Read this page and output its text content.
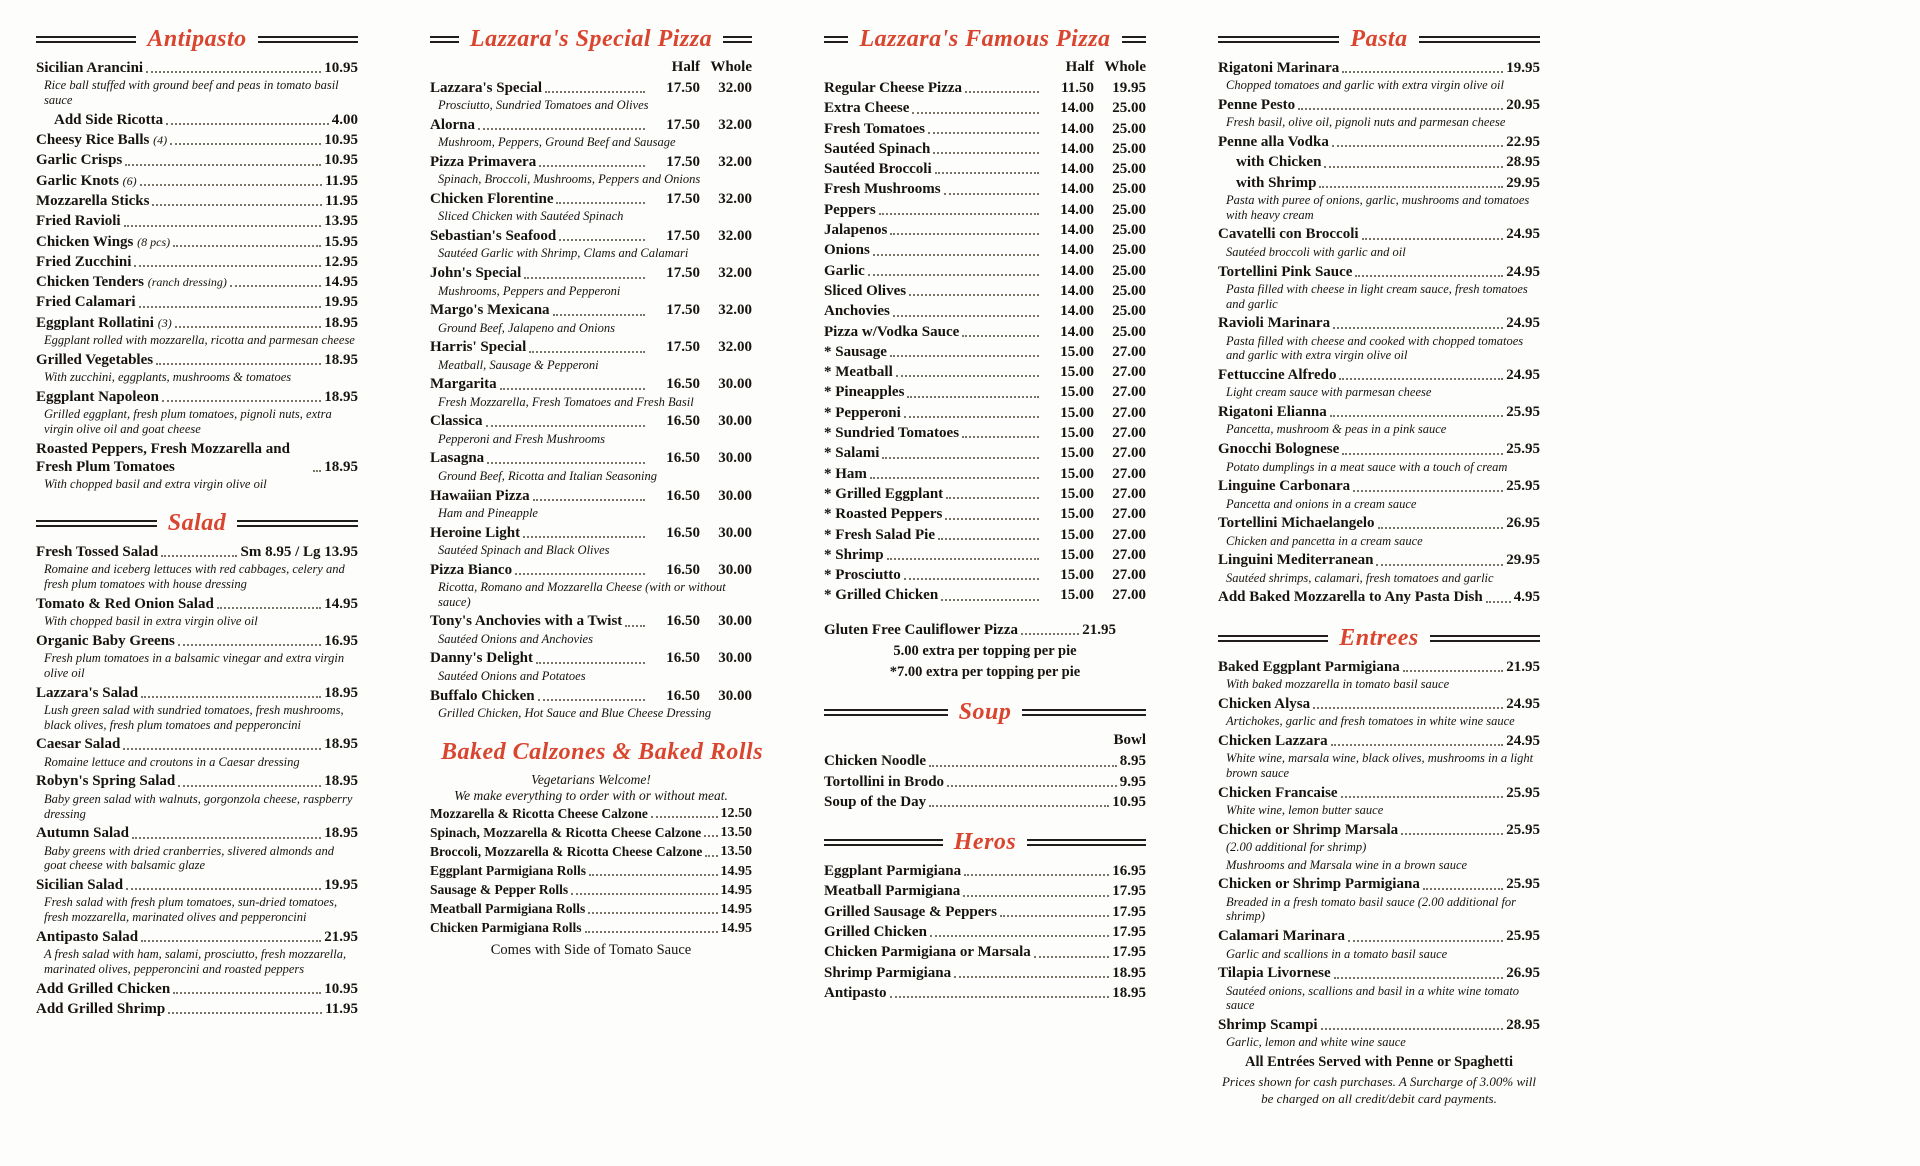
Antipasto
Sicilian Arancini	10.95
Rice ball stuffed with ground beef and peas in tomato basil sauce
Add Side Ricotta	4.00
Cheesy Rice Balls (4)	10.95
Garlic Crisps	10.95
Garlic Knots (6)	11.95
Mozzarella Sticks	11.95
Fried Ravioli	13.95
Chicken Wings (8 pcs)	15.95
Fried Zucchini	12.95
Chicken Tenders (ranch dressing)	14.95
Fried Calamari	19.95
Eggplant Rollatini (3)	18.95
Eggplant rolled with mozzarella, ricotta and parmesan cheese
Grilled Vegetables	18.95
With zucchini, eggplants, mushrooms & tomatoes
Eggplant Napoleon	18.95
Grilled eggplant, fresh plum tomatoes, pignoli nuts, extra virgin olive oil and goat cheese
Roasted Peppers, Fresh Mozzarella and Fresh Plum Tomatoes	18.95
With chopped basil and extra virgin olive oil
Salad
Fresh Tossed Salad	Sm 8.95 / Lg 13.95
Romaine and iceberg lettuces with red cabbages, celery and fresh plum tomatoes with house dressing
Tomato & Red Onion Salad	14.95
With chopped basil in extra virgin olive oil
Organic Baby Greens	16.95
Fresh plum tomatoes in a balsamic vinegar and extra virgin olive oil
Lazzara's Salad	18.95
Lush green salad with sundried tomatoes, fresh mushrooms, black olives, fresh plum tomatoes and pepperoncini
Caesar Salad	18.95
Romaine lettuce and croutons in a Caesar dressing
Robyn's Spring Salad	18.95
Baby green salad with walnuts, gorgonzola cheese, raspberry dressing
Autumn Salad	18.95
Baby greens with dried cranberries, slivered almonds and goat cheese with balsamic glaze
Sicilian Salad	19.95
Fresh salad with fresh plum tomatoes, sun-dried tomatoes, fresh mozzarella, marinated olives and pepperoncini
Antipasto Salad	21.95
A fresh salad with ham, salami, prosciutto, fresh mozzarella, marinated olives, pepperoncini and roasted peppers
Add Grilled Chicken	10.95
Add Grilled Shrimp	11.95
Lazzara's Special Pizza
Half Whole
Lazzara's Special	17.50	32.00
Prosciutto, Sundried Tomatoes and Olives
Alorna	17.50	32.00
Mushroom, Peppers, Ground Beef and Sausage
Pizza Primavera	17.50	32.00
Spinach, Broccoli, Mushrooms, Peppers and Onions
Chicken Florentine	17.50	32.00
Sliced Chicken with Sautéed Spinach
Sebastian's Seafood	17.50	32.00
Sautéed Garlic with Shrimp, Clams and Calamari
John's Special	17.50	32.00
Mushrooms, Peppers and Pepperoni
Margo's Mexicana	17.50	32.00
Ground Beef, Jalapeno and Onions
Harris' Special	17.50	32.00
Meatball, Sausage & Pepperoni
Margarita	16.50	30.00
Fresh Mozzarella, Fresh Tomatoes and Fresh Basil
Classica	16.50	30.00
Pepperoni and Fresh Mushrooms
Lasagna	16.50	30.00
Ground Beef, Ricotta and Italian Seasoning
Hawaiian Pizza	16.50	30.00
Ham and Pineapple
Heroine Light	16.50	30.00
Sautéed Spinach and Black Olives
Pizza Bianco	16.50	30.00
Ricotta, Romano and Mozzarella Cheese (with or without sauce)
Tony's Anchovies with a Twist	16.50	30.00
Sautéed Onions and Anchovies
Danny's Delight	16.50	30.00
Sautéed Onions and Potatoes
Buffalo Chicken	16.50	30.00
Grilled Chicken, Hot Sauce and Blue Cheese Dressing
Baked Calzones & Baked Rolls
Vegetarians Welcome!
We make everything to order with or without meat.
Mozzarella & Ricotta Cheese Calzone	12.50
Spinach, Mozzarella & Ricotta Cheese Calzone 13.50
Broccoli, Mozzarella & Ricotta Cheese Calzone 13.50
Eggplant Parmigiana Rolls	14.95
Sausage & Pepper Rolls	14.95
Meatball Parmigiana Rolls	14.95
Chicken Parmigiana Rolls	14.95
Comes with Side of Tomato Sauce
Lazzara's Famous Pizza
Half Whole
Regular Cheese Pizza	11.50	19.95
Extra Cheese	14.00	25.00
Fresh Tomatoes	14.00	25.00
Sautéed Spinach	14.00	25.00
Sautéed Broccoli	14.00	25.00
Fresh Mushrooms	14.00	25.00
Peppers	14.00	25.00
Jalapenos	14.00	25.00
Onions	14.00	25.00
Garlic	14.00	25.00
Sliced Olives	14.00	25.00
Anchovies	14.00	25.00
Pizza w/Vodka Sauce	14.00	25.00
* Sausage	15.00	27.00
* Meatball	15.00	27.00
* Pineapples	15.00	27.00
* Pepperoni	15.00	27.00
* Sundried Tomatoes	15.00	27.00
* Salami	15.00	27.00
* Ham	15.00	27.00
* Grilled Eggplant	15.00	27.00
* Roasted Peppers	15.00	27.00
* Fresh Salad Pie	15.00	27.00
* Shrimp	15.00	27.00
* Prosciutto	15.00	27.00
* Grilled Chicken	15.00	27.00
Gluten Free Cauliflower Pizza	21.95
5.00 extra per topping per pie
*7.00 extra per topping per pie
Soup
Bowl
Chicken Noodle	8.95
Tortollini in Brodo	9.95
Soup of the Day	10.95
Heros
Eggplant Parmigiana	16.95
Meatball Parmigiana	17.95
Grilled Sausage & Peppers	17.95
Grilled Chicken	17.95
Chicken Parmigiana or Marsala	17.95
Shrimp Parmigiana	18.95
Antipasto	18.95
Pasta
Rigatoni Marinara	19.95
Chopped tomatoes and garlic with extra virgin olive oil
Penne Pesto	20.95
Fresh basil, olive oil, pignoli nuts and parmesan cheese
Penne alla Vodka	22.95
with Chicken	28.95
with Shrimp	29.95
Pasta with puree of onions, garlic, mushrooms and tomatoes with heavy cream
Cavatelli con Broccoli	24.95
Sautéed broccoli with garlic and oil
Tortellini Pink Sauce	24.95
Pasta filled with cheese in light cream sauce, fresh tomatoes and garlic
Ravioli Marinara	24.95
Pasta filled with cheese and cooked with chopped tomatoes and garlic with extra virgin olive oil
Fettuccine Alfredo	24.95
Light cream sauce with parmesan cheese
Rigatoni Elianna	25.95
Pancetta, mushroom & peas in a pink sauce
Gnocchi Bolognese	25.95
Potato dumplings in a meat sauce with a touch of cream
Linguine Carbonara	25.95
Pancetta and onions in a cream sauce
Tortellini Michaelangelo	26.95
Chicken and pancetta in a cream sauce
Linguini Mediterranean	29.95
Sautéed shrimps, calamari, fresh tomatoes and garlic
Add Baked Mozzarella to Any Pasta Dish 4.95
Entrees
Baked Eggplant Parmigiana	21.95
With baked mozzarella in tomato basil sauce
Chicken Alysa	24.95
Artichokes, garlic and fresh tomatoes in white wine sauce
Chicken Lazzara	24.95
White wine, marsala wine, black olives, mushrooms in a light brown sauce
Chicken Francaise	25.95
White wine, lemon butter sauce
Chicken or Shrimp Marsala	25.95
(2.00 additional for shrimp)
Mushrooms and Marsala wine in a brown sauce
Chicken or Shrimp Parmigiana	25.95
Breaded in a fresh tomato basil sauce (2.00 additional for shrimp)
Calamari Marinara	25.95
Garlic and scallions in a tomato basil sauce
Tilapia Livornese	26.95
Sautéed onions, scallions and basil in a white wine tomato sauce
Shrimp Scampi	28.95
Garlic, lemon and white wine sauce
All Entrées Served with Penne or Spaghetti
Prices shown for cash purchases. A Surcharge of 3.00% will be charged on all credit/debit card payments.
